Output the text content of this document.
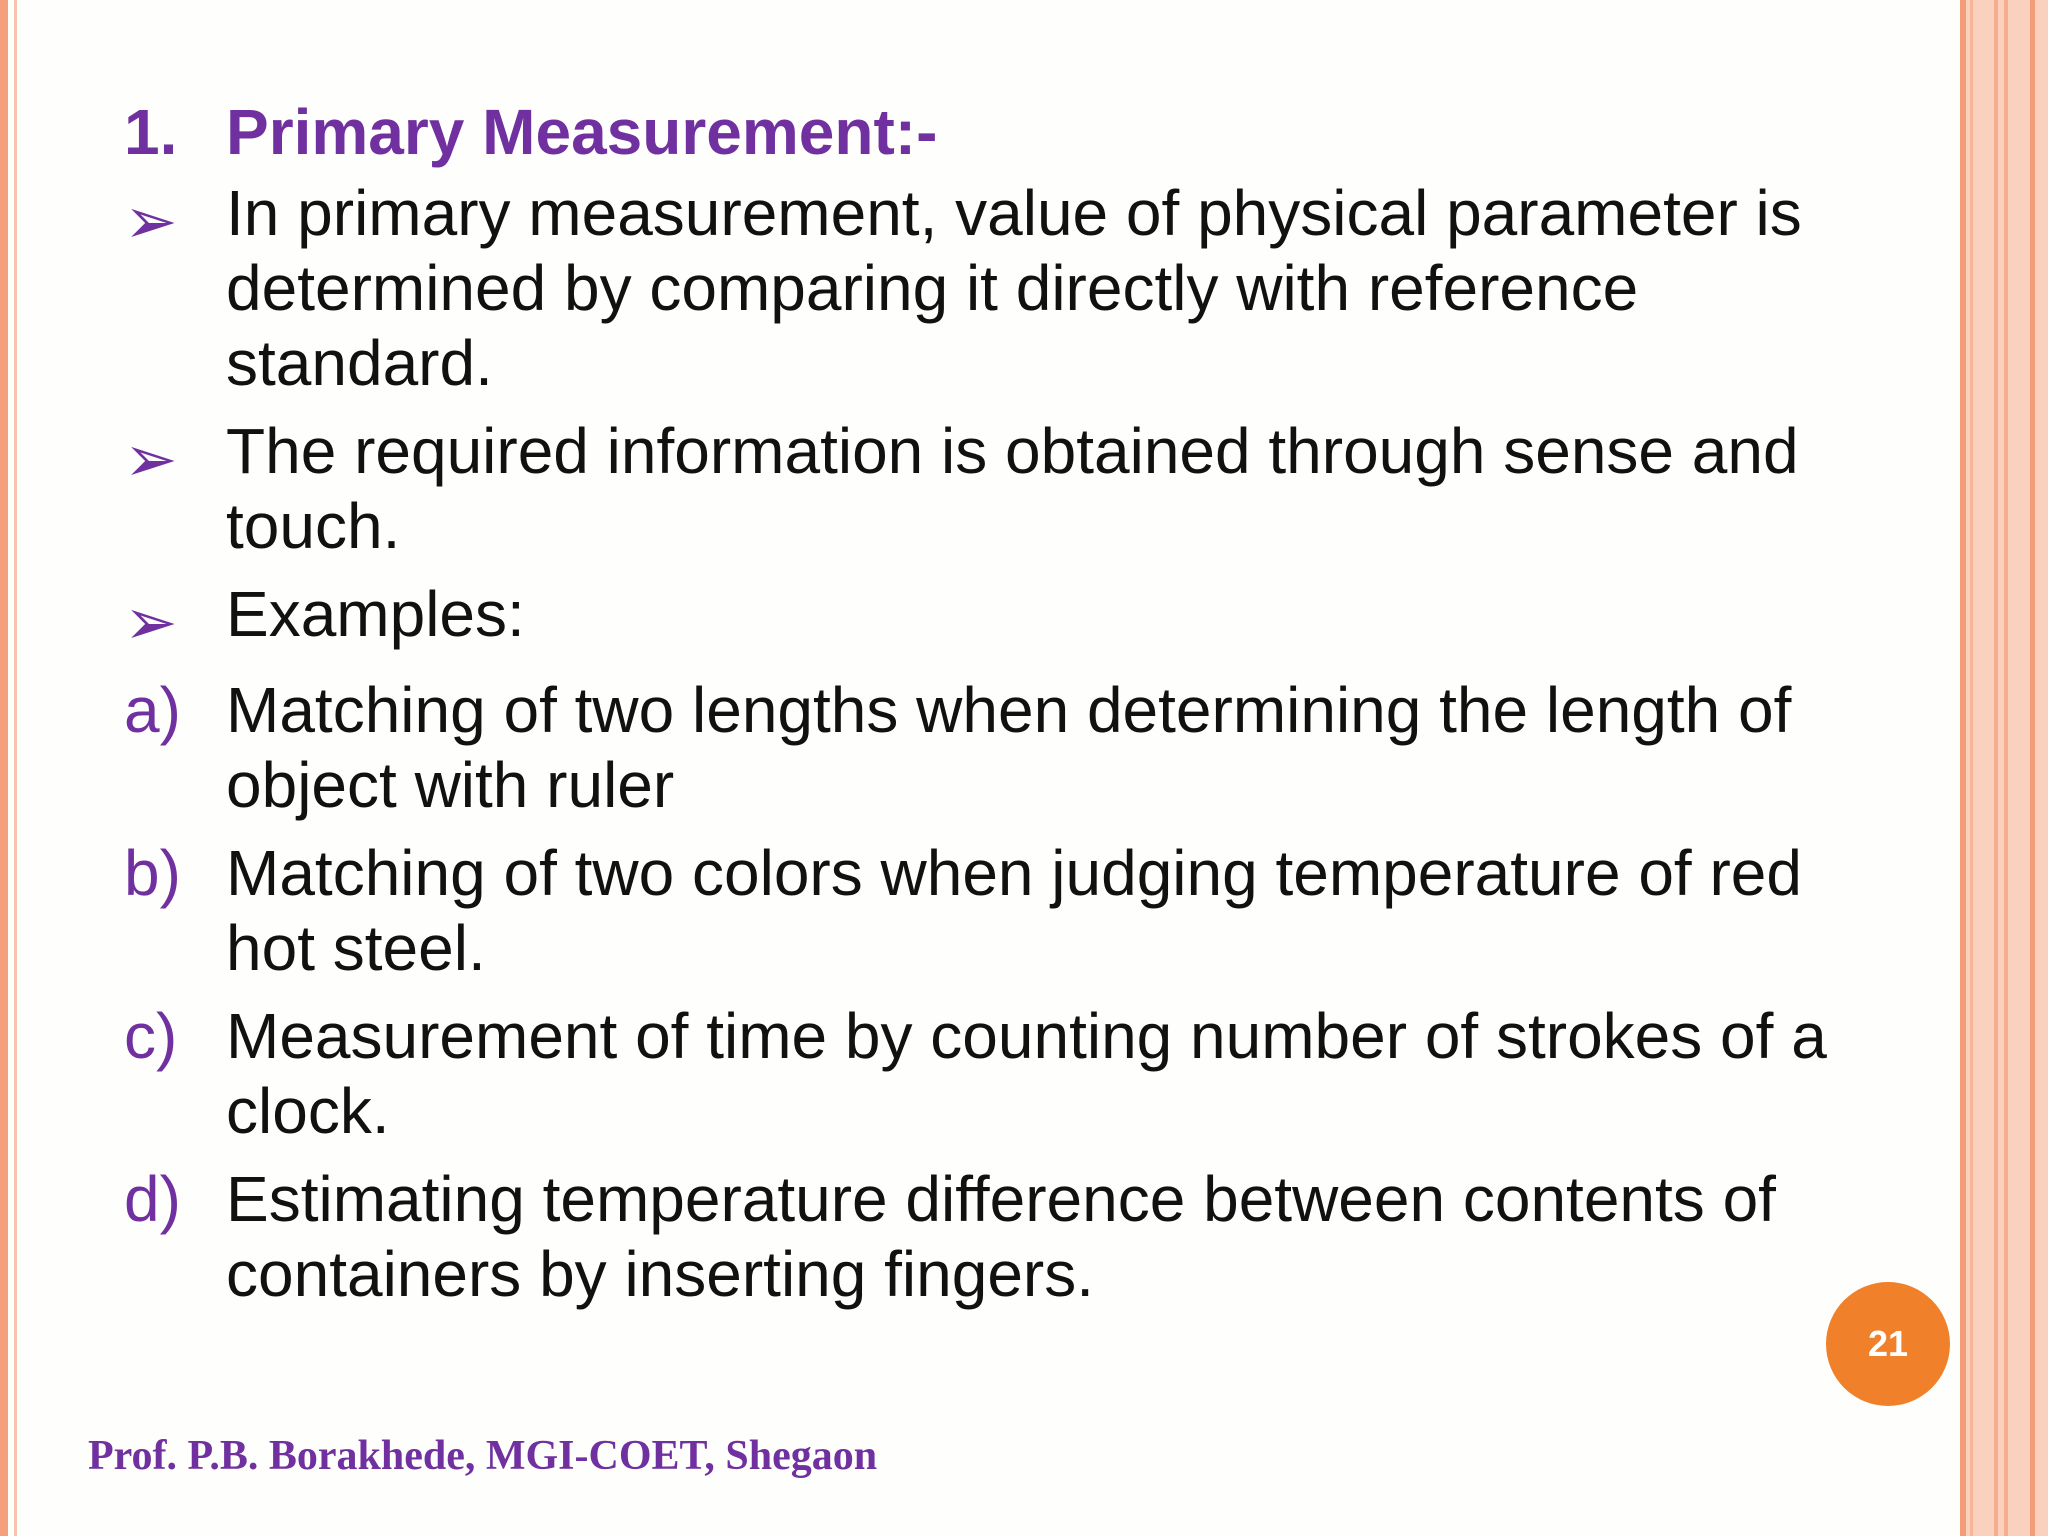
1. Primary Measurement:-
➢ In primary measurement, value of physical parameter is determined by comparing it directly with reference standard.
➢ The required information is obtained through sense and touch.
➢ Examples:
a) Matching of two lengths when determining the length of object with ruler
b) Matching of two colors when judging temperature of red hot steel.
c) Measurement of time by counting number of strokes of a clock.
d) Estimating temperature difference between contents of containers by inserting fingers.
21
Prof. P.B. Borakhede, MGI-COET, Shegaon
